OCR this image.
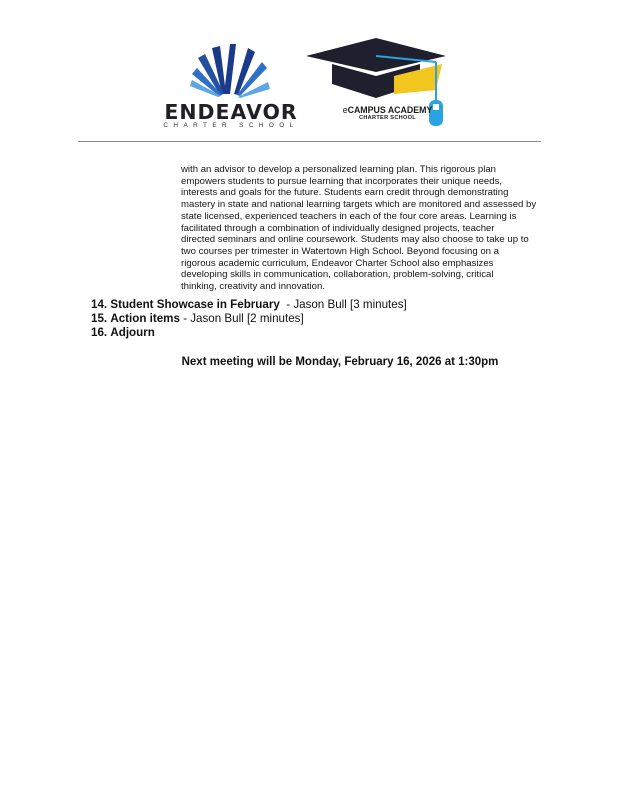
ENDEAVOR
CHARTER SCHOOL
eCAMPUS ACADEMY
CHARTER SCHOOL

with an advisor to develop a personalized learning plan. This rigorous plan
empowers students to pursue learning that incorporates their unique needs,
interests and goals for the future. Students earn credit through demonstrating
mastery in state and national learning targets which are monitored and assessed by
state licensed, experienced teachers in each of the four core areas. Learning is
facilitated through a combination of individually designed projects, teacher
directed seminars and online coursework. Students may also choose to take up to
two courses per trimester in Watertown High School. Beyond focusing on a
rigorous academic curriculum, Endeavor Charter School also emphasizes
developing skills in communication, collaboration, problem-solving, critical
thinking, creativity and innovation.

14. Student Showcase in February  - Jason Bull [3 minutes]
15. Action items - Jason Bull [2 minutes]
16. Adjourn
Next meeting will be Monday, February 16, 2026 at 1:30pm
